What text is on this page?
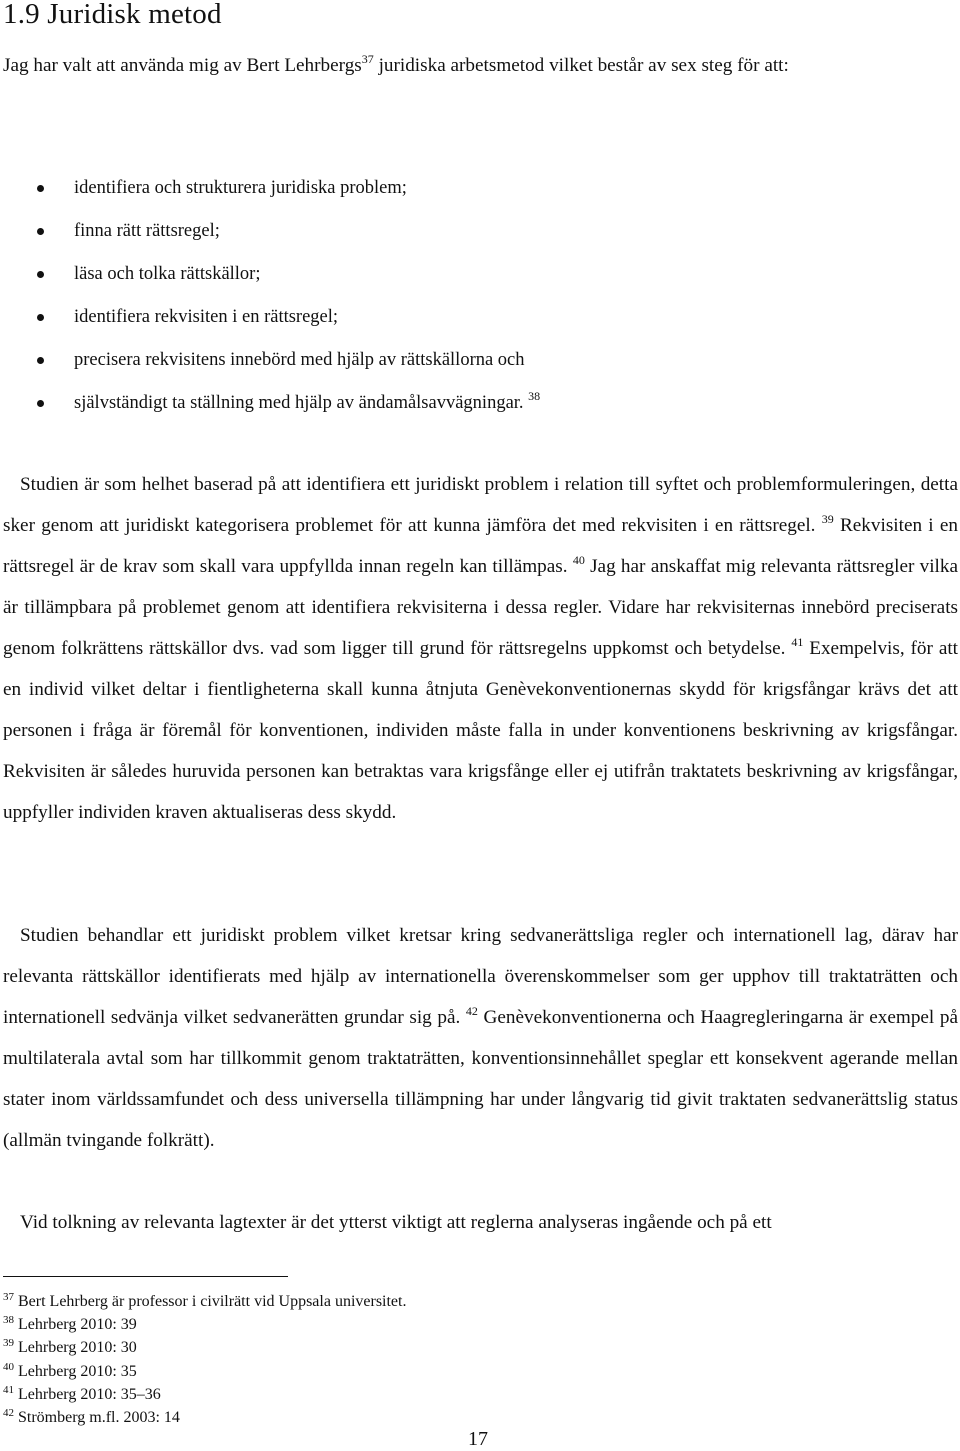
1.9 Juridisk metod

Jag har valt att använda mig av Bert Lehrbergs$^{37}$ juridiska arbetsmetod vilket består av sex steg för att:

identifiera och strukturera juridiska problem;
finna rätt rättsregel;
läsa och tolka rättskällor;
identifiera rekvisiten i en rättsregel;
precisera rekvisitens innebörd med hjälp av rättskällorna och
självständigt ta ställning med hjälp av ändamålsavvägningar. $^{38}$

Studien är som helhet baserad på att identifiera ett juridiskt problem i relation till syftet och problemformuleringen, detta sker genom att juridiskt kategorisera problemet för att kunna jämföra det med rekvisiten i en rättsregel. $^{39}$ Rekvisiten i en rättsregel är de krav som skall vara uppfyllda innan regeln kan tillämpas. $^{40}$ Jag har anskaffat mig relevanta rättsregler vilka är tillämpbara på problemet genom att identifiera rekvisiterna i dessa regler. Vidare har rekvisiternas innebörd preciserats genom folkrättens rättskällor dvs. vad som ligger till grund för rättsregelns uppkomst och betydelse. $^{41}$ Exempelvis, för att en individ vilket deltar i fientligheterna skall kunna åtnjuta Genèvekonventionernas skydd för krigsfångar krävs det att personen i fråga är föremål för konventionen, individen måste falla in under konventionens beskrivning av krigsfångar. Rekvisiten är således huruvida personen kan betraktas vara krigsfånge eller ej utifrån traktatets beskrivning av krigsfångar, uppfyller individen kraven aktualiseras dess skydd.

Studien behandlar ett juridiskt problem vilket kretsar kring sedvanerättsliga regler och internationell lag, därav har relevanta rättskällor identifierats med hjälp av internationella överenskommelser som ger upphov till traktaträtten och internationell sedvänja vilket sedvanerätten grundar sig på. $^{42}$ Genèvekonventionerna och Haagregleringarna är exempel på multilaterala avtal som har tillkommit genom traktaträtten, konventionsinnehållet speglar ett konsekvent agerande mellan stater inom världssamfundet och dess universella tillämpning har under långvarig tid givit traktaten sedvanerättslig status (allmän tvingande folkrätt).

Vid tolkning av relevanta lagtexter är det ytterst viktigt att reglerna analyseras ingående och på ett

$^{37}$ Bert Lehrberg är professor i civilrätt vid Uppsala universitet.
$^{38}$ Lehrberg 2010: 39
$^{39}$ Lehrberg 2010: 30
$^{40}$ Lehrberg 2010: 35
$^{41}$ Lehrberg 2010: 35–36
$^{42}$ Strömberg m.fl. 2003: 14
17
